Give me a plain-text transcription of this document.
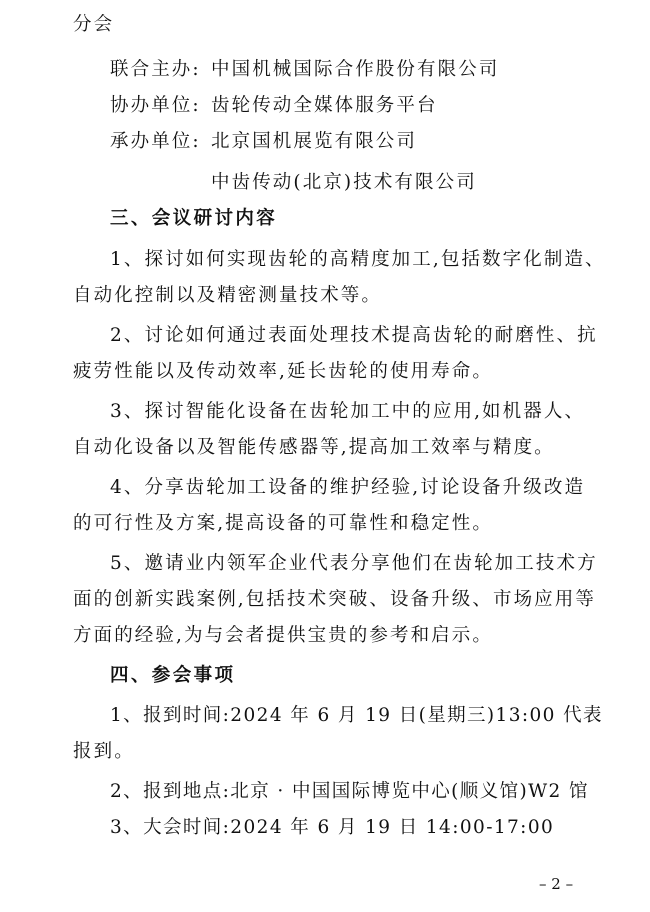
分会
联合主办: 中国机械国际合作股份有限公司
协办单位: 齿轮传动全媒体服务平台
承办单位: 北京国机展览有限公司
中齿传动(北京)技术有限公司
三、会议研讨内容
1、探讨如何实现齿轮的高精度加工,包括数字化制造、
自动化控制以及精密测量技术等。
2、讨论如何通过表面处理技术提高齿轮的耐磨性、抗
疲劳性能以及传动效率,延长齿轮的使用寿命。
3、探讨智能化设备在齿轮加工中的应用,如机器人、
自动化设备以及智能传感器等,提高加工效率与精度。
4、分享齿轮加工设备的维护经验,讨论设备升级改造
的可行性及方案,提高设备的可靠性和稳定性。
5、邀请业内领军企业代表分享他们在齿轮加工技术方
面的创新实践案例,包括技术突破、设备升级、市场应用等
方面的经验,为与会者提供宝贵的参考和启示。
四、参会事项
1、报到时间:2024 年 6 月 19 日(星期三)13:00 代表
报到。
2、报到地点:北京 · 中国国际博览中心(顺义馆)W2 馆
3、大会时间:2024 年 6 月 19 日 14:00-17:00
– 2 –
